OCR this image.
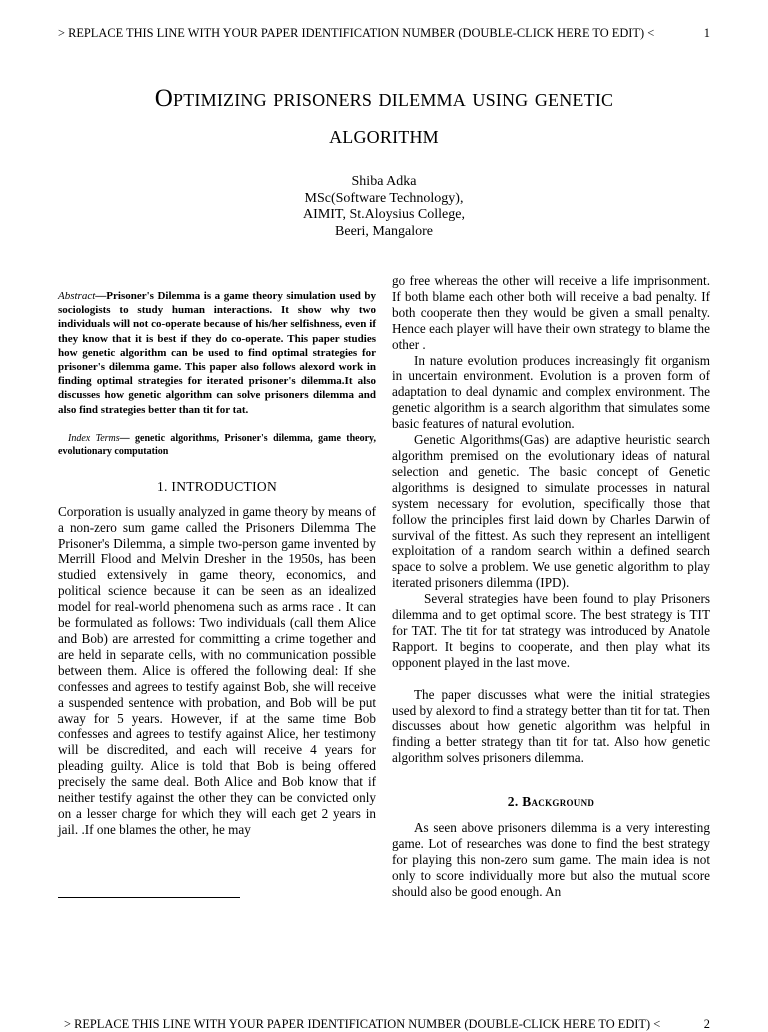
> REPLACE THIS LINE WITH YOUR PAPER IDENTIFICATION NUMBER (DOUBLE-CLICK HERE TO EDIT) <	1
Optimizing prisoners dilemma using genetic
algorithm
Shiba Adka
MSc(Software Technology),
AIMIT, St.Aloysius College,
Beeri, Mangalore

Abstract—Prisoner's Dilemma is a game theory simulation used by sociologists to study human interactions. It show why two individuals will not co-operate because of his/her selfishness, even if they know that it is best if they do co-operate. This paper studies how genetic algorithm can be used to find optimal strategies for prisoner's dilemma game. This paper also follows alexord work in finding optimal strategies for iterated prisoner's dilemma.It also discusses how genetic algorithm can solve prisoners dilemma and also find strategies better than tit for tat.

Index Terms— genetic algorithms, Prisoner's dilemma, game theory, evolutionary computation

1. INTRODUCTION

Corporation is usually analyzed in game theory by means of a non-zero sum game called the Prisoners Dilemma The Prisoner's Dilemma, a simple two-person game invented by Merrill Flood and Melvin Dresher in the 1950s, has been studied extensively in game theory, economics, and political science because it can be seen as an idealized model for real-world phenomena such as arms race . It can be formulated as follows: Two individuals (call them Alice and Bob) are arrested for committing a crime together and are held in separate cells, with no communication possible between them. Alice is offered the following deal: If she confesses and agrees to testify against Bob, she will receive a suspended sentence with probation, and Bob will be put away for 5 years. However, if at the same time Bob confesses and agrees to testify against Alice, her testimony will be discredited, and each will receive 4 years for pleading guilty. Alice is told that Bob is being offered precisely the same deal. Both Alice and Bob know that if neither testify against the other they can be convicted only on a lesser charge for which they will each get 2 years in jail. .If one blames the other, he may

go free whereas the other will receive a life imprisonment. If both blame each other both will receive a bad penalty. If both cooperate then they would be given a small penalty. Hence each player will have their own strategy to blame the other .

In nature evolution produces increasingly fit organism in uncertain environment. Evolution is a proven form of adaptation to deal dynamic and complex environment. The genetic algorithm is a search algorithm that simulates some basic features of natural evolution.

Genetic Algorithms(Gas) are adaptive heuristic search algorithm premised on the evolutionary ideas of natural selection and genetic. The basic concept of Genetic algorithms is designed to simulate processes in natural system necessary for evolution, specifically those that follow the principles first laid down by Charles Darwin of survival of the fittest. As such they represent an intelligent exploitation of a random search within a defined search space to solve a problem. We use genetic algorithm to play iterated prisoners dilemma (IPD).

Several strategies have been found to play Prisoners dilemma and to get optimal score. The best strategy is TIT for TAT. The tit for tat strategy was introduced by Anatole Rapport. It begins to cooperate, and then play what its opponent played in the last move.

The paper discusses what were the initial strategies used by alexord to find a strategy better than tit for tat. Then discusses about how genetic algorithm was helpful in finding a better strategy than tit for tat. Also how genetic algorithm solves prisoners dilemma.

2. Background

As seen above prisoners dilemma is a very interesting game. Lot of researches was done to find the best strategy for playing this non-zero sum game. The main idea is not only to score individually more but also the mutual score should also be good enough. An

> REPLACE THIS LINE WITH YOUR PAPER IDENTIFICATION NUMBER (DOUBLE-CLICK HERE TO EDIT) <	2
